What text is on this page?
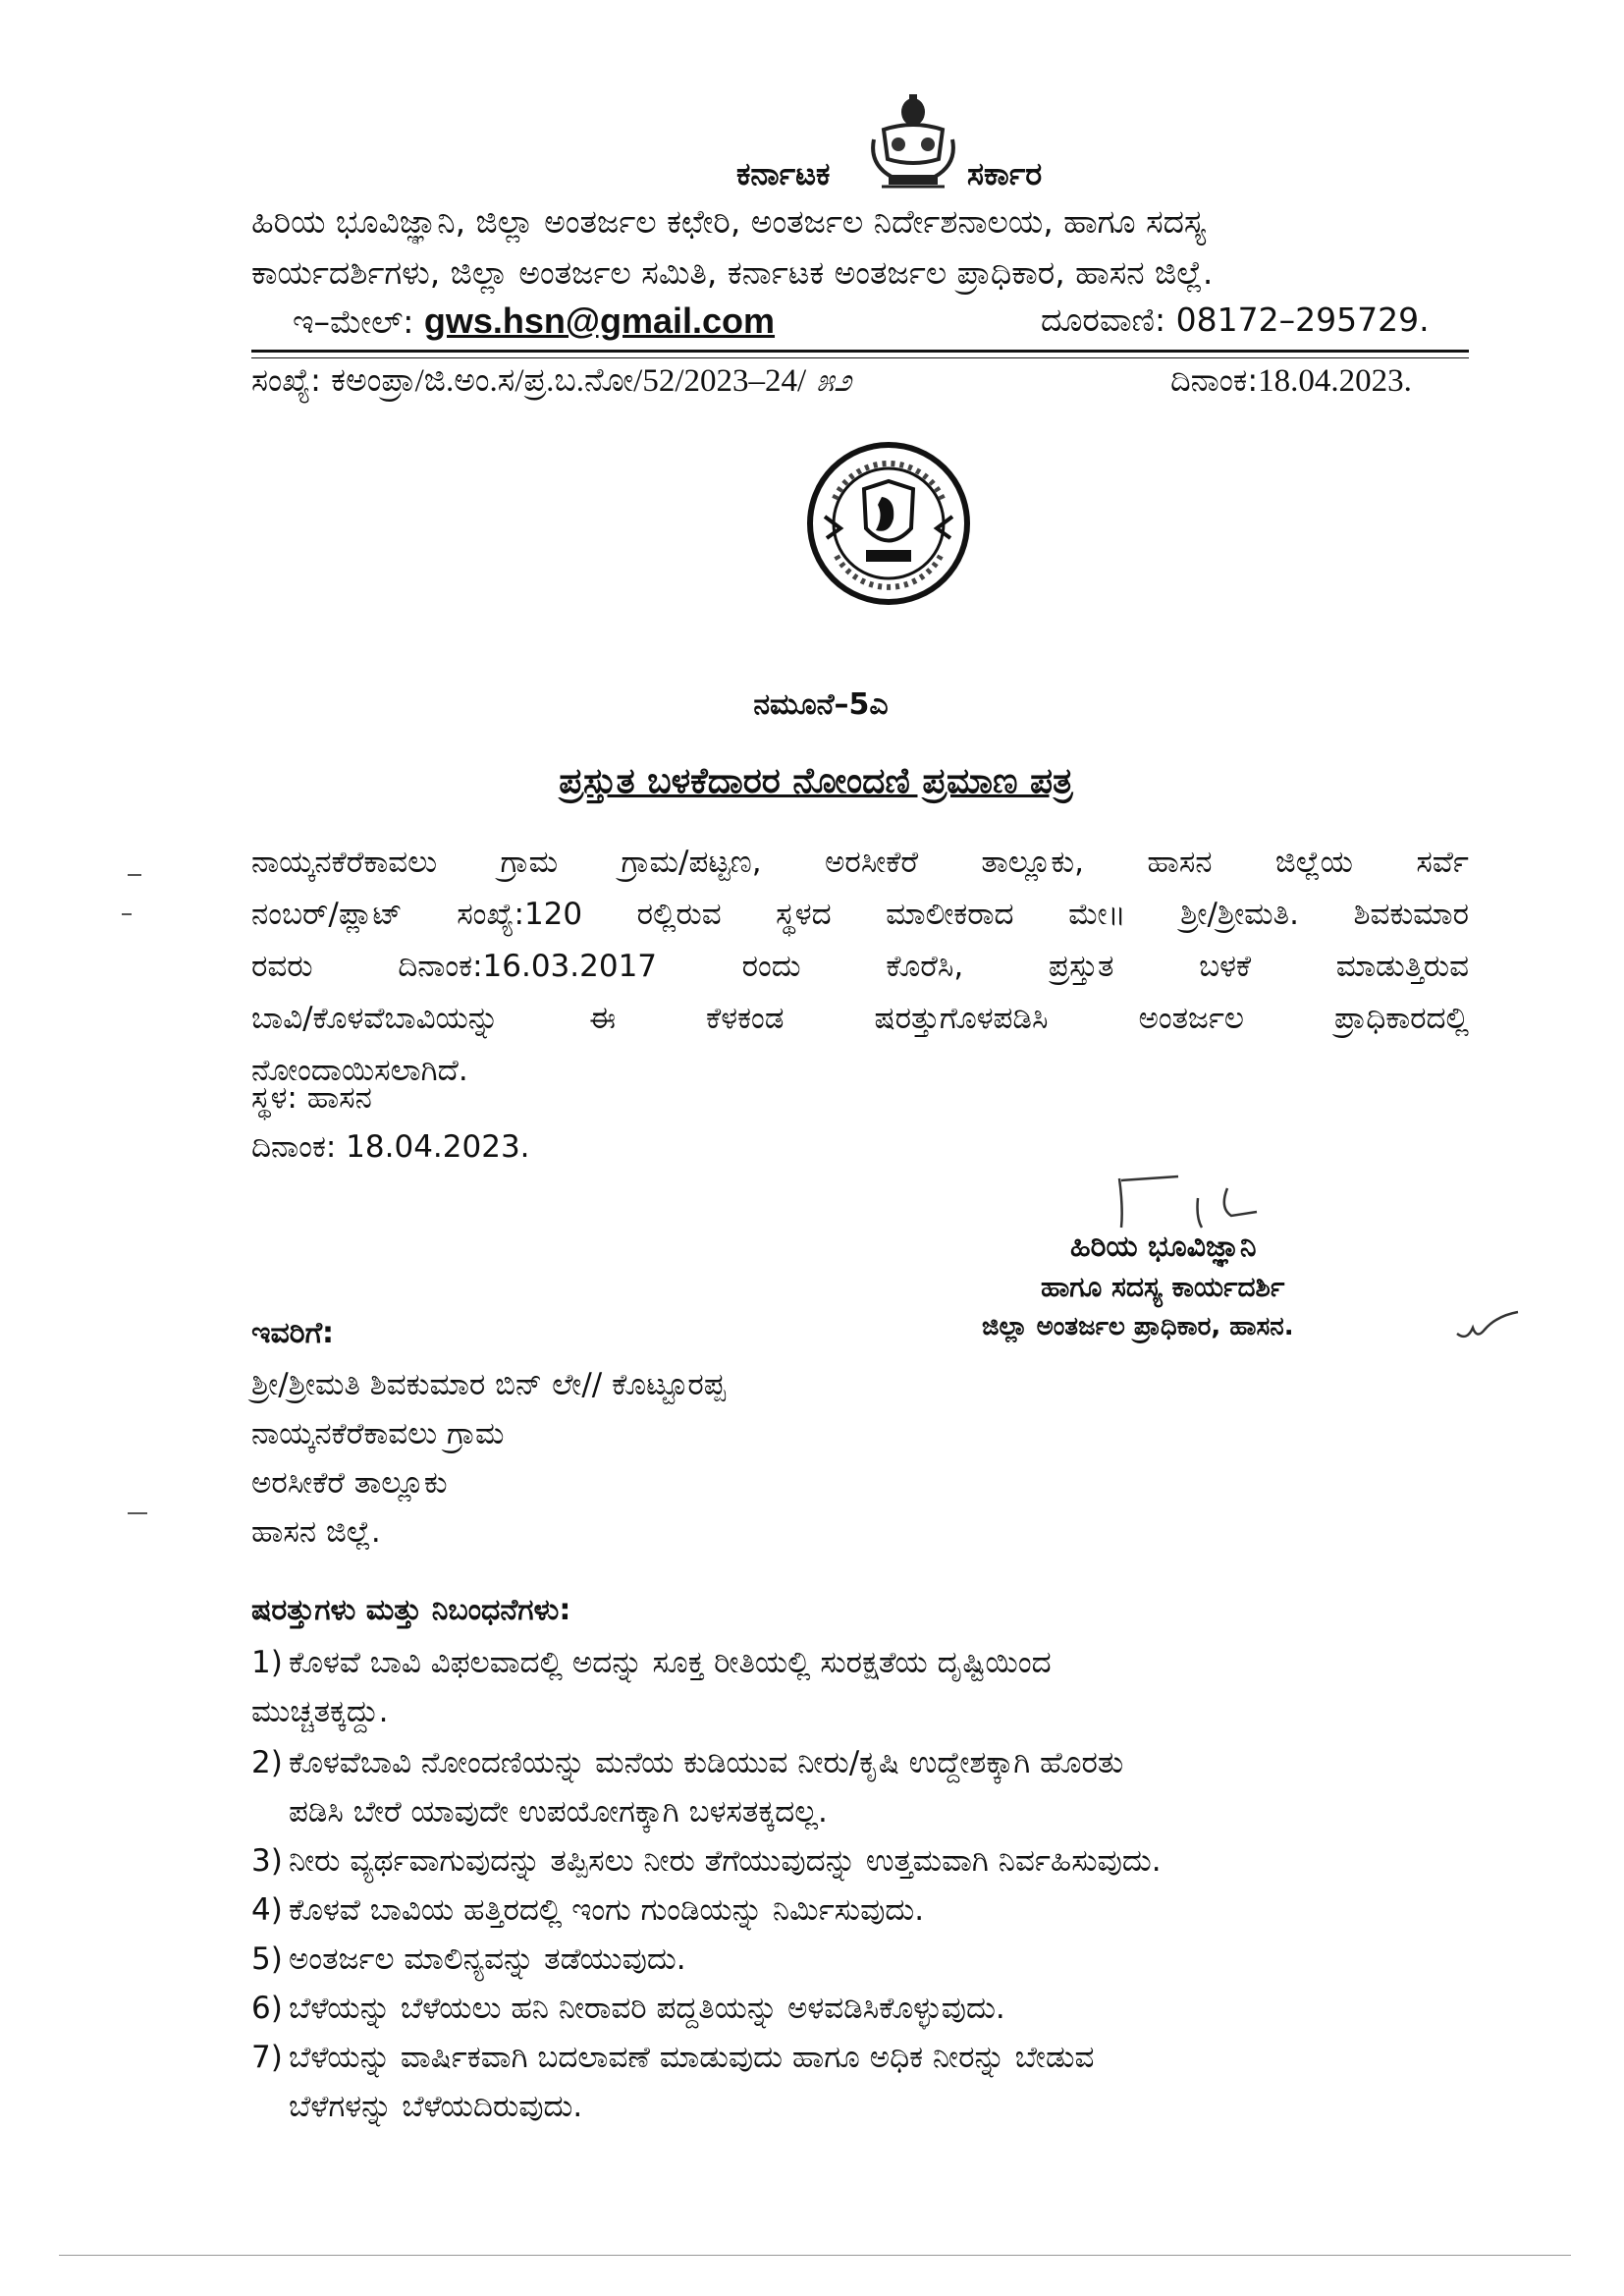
ಕರ್ನಾಟಕ	ಸರ್ಕಾರ
ಹಿರಿಯ ಭೂವಿಜ್ಞಾನಿ, ಜಿಲ್ಲಾ ಅಂತರ್ಜಲ ಕಛೇರಿ, ಅಂತರ್ಜಲ ನಿರ್ದೇಶನಾಲಯ, ಹಾಗೂ ಸದಸ್ಯ
ಕಾರ್ಯದರ್ಶಿಗಳು, ಜಿಲ್ಲಾ ಅಂತರ್ಜಲ ಸಮಿತಿ, ಕರ್ನಾಟಕ ಅಂತರ್ಜಲ ಪ್ರಾಧಿಕಾರ, ಹಾಸನ ಜಿಲ್ಲೆ.
ಇ–ಮೇಲ್: gws.hsn@gmail.com	ದೂರವಾಣಿ: 08172–295729.
ಸಂಖ್ಯೆ: ಕಅಂಪ್ರಾ/ಜಿ.ಅಂ.ಸ/ಪ್ರ.ಬ.ನೋ/52/2023–24/ ೫೨	ದಿನಾಂಕ:18.04.2023.
ನಮೂನೆ–5ಎ
ಪ್ರಸ್ತುತ ಬಳಕೆದಾರರ ನೋಂದಣಿ ಪ್ರಮಾಣ ಪತ್ರ
ನಾಯ್ಕನಕೆರೆಕಾವಲು ಗ್ರಾಮ ಗ್ರಾಮ/ಪಟ್ಟಣ, ಅರಸೀಕೆರೆ ತಾಲ್ಲೂಕು, ಹಾಸನ ಜಿಲ್ಲೆಯ ಸರ್ವೆ
ನಂಬರ್/ಪ್ಲಾಟ್ ಸಂಖ್ಯೆ:120 ರಲ್ಲಿರುವ ಸ್ಥಳದ ಮಾಲೀಕರಾದ ಮೇ॥ ಶ್ರೀ/ಶ್ರೀಮತಿ. ಶಿವಕುಮಾರ
ರವರು ದಿನಾಂಕ:16.03.2017 ರಂದು ಕೊರೆಸಿ, ಪ್ರಸ್ತುತ ಬಳಕೆ ಮಾಡುತ್ತಿರುವ
ಬಾವಿ/ಕೊಳವೆಬಾವಿಯನ್ನು ಈ ಕೆಳಕಂಡ ಷರತ್ತುಗೊಳಪಡಿಸಿ ಅಂತರ್ಜಲ ಪ್ರಾಧಿಕಾರದಲ್ಲಿ
ನೋಂದಾಯಿಸಲಾಗಿದೆ.
ಸ್ಥಳ: ಹಾಸನ
ದಿನಾಂಕ: 18.04.2023.
ಹಿರಿಯ ಭೂವಿಜ್ಞಾನಿ
ಹಾಗೂ ಸದಸ್ಯ ಕಾರ್ಯದರ್ಶಿ
ಜಿಲ್ಲಾ ಅಂತರ್ಜಲ ಪ್ರಾಧಿಕಾರ, ಹಾಸನ.
ಇವರಿಗೆ:
ಶ್ರೀ/ಶ್ರೀಮತಿ ಶಿವಕುಮಾರ ಬಿನ್ ಲೇ// ಕೊಟ್ಟೂರಪ್ಪ
ನಾಯ್ಕನಕೆರೆಕಾವಲು ಗ್ರಾಮ
ಅರಸೀಕೆರೆ ತಾಲ್ಲೂಕು
ಹಾಸನ ಜಿಲ್ಲೆ.
ಷರತ್ತುಗಳು ಮತ್ತು ನಿಬಂಧನೆಗಳು:
1) ಕೊಳವೆ ಬಾವಿ ವಿಫಲವಾದಲ್ಲಿ ಅದನ್ನು ಸೂಕ್ತ ರೀತಿಯಲ್ಲಿ ಸುರಕ್ಷತೆಯ ದೃಷ್ಟಿಯಿಂದ
ಮುಚ್ಚತಕ್ಕದ್ದು.
2) ಕೊಳವೆಬಾವಿ ನೋಂದಣಿಯನ್ನು ಮನೆಯ ಕುಡಿಯುವ ನೀರು/ಕೃಷಿ ಉದ್ದೇಶಕ್ಕಾಗಿ ಹೊರತು
ಪಡಿಸಿ ಬೇರೆ ಯಾವುದೇ ಉಪಯೋಗಕ್ಕಾಗಿ ಬಳಸತಕ್ಕದಲ್ಲ.
3) ನೀರು ವ್ಯರ್ಥವಾಗುವುದನ್ನು ತಪ್ಪಿಸಲು ನೀರು ತೆಗೆಯುವುದನ್ನು ಉತ್ತಮವಾಗಿ ನಿರ್ವಹಿಸುವುದು.
4) ಕೊಳವೆ ಬಾವಿಯ ಹತ್ತಿರದಲ್ಲಿ ಇಂಗು ಗುಂಡಿಯನ್ನು ನಿರ್ಮಿಸುವುದು.
5) ಅಂತರ್ಜಲ ಮಾಲಿನ್ಯವನ್ನು ತಡೆಯುವುದು.
6) ಬೆಳೆಯನ್ನು ಬೆಳೆಯಲು ಹನಿ ನೀರಾವರಿ ಪದ್ದತಿಯನ್ನು ಅಳವಡಿಸಿಕೊಳ್ಳುವುದು.
7) ಬೆಳೆಯನ್ನು ವಾರ್ಷಿಕವಾಗಿ ಬದಲಾವಣೆ ಮಾಡುವುದು ಹಾಗೂ ಅಧಿಕ ನೀರನ್ನು ಬೇಡುವ
ಬೆಳೆಗಳನ್ನು ಬೆಳೆಯದಿರುವುದು.
